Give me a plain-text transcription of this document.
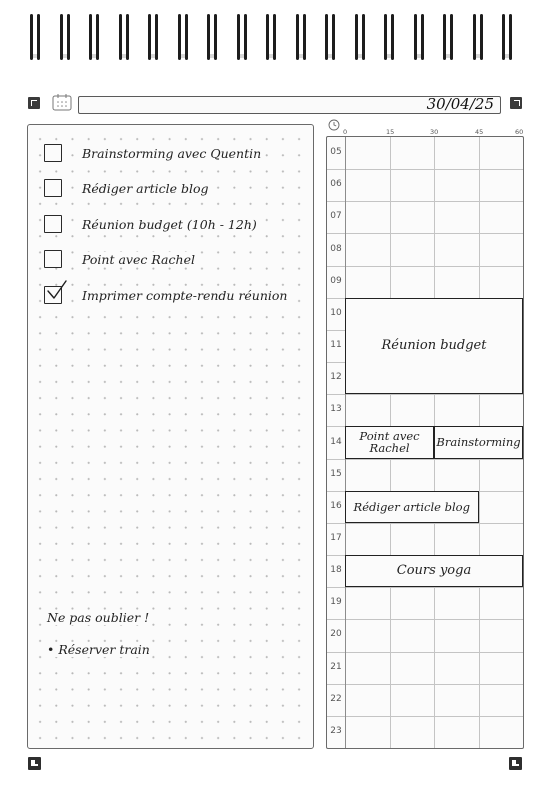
30/04/25
Brainstorming avec Quentin
Rédiger article blog
Réunion budget (10h - 12h)
Point avec Rachel
Imprimer compte-rendu réunion
Ne pas oublier !
• Réserver train
0	15	30	45	60
05
06
07
08
09
10
11
12
13
14
15
16
17
18
19
20
21
22
23
Réunion budget
Point avec Rachel	Brainstorming
Rédiger article blog
Cours yoga
